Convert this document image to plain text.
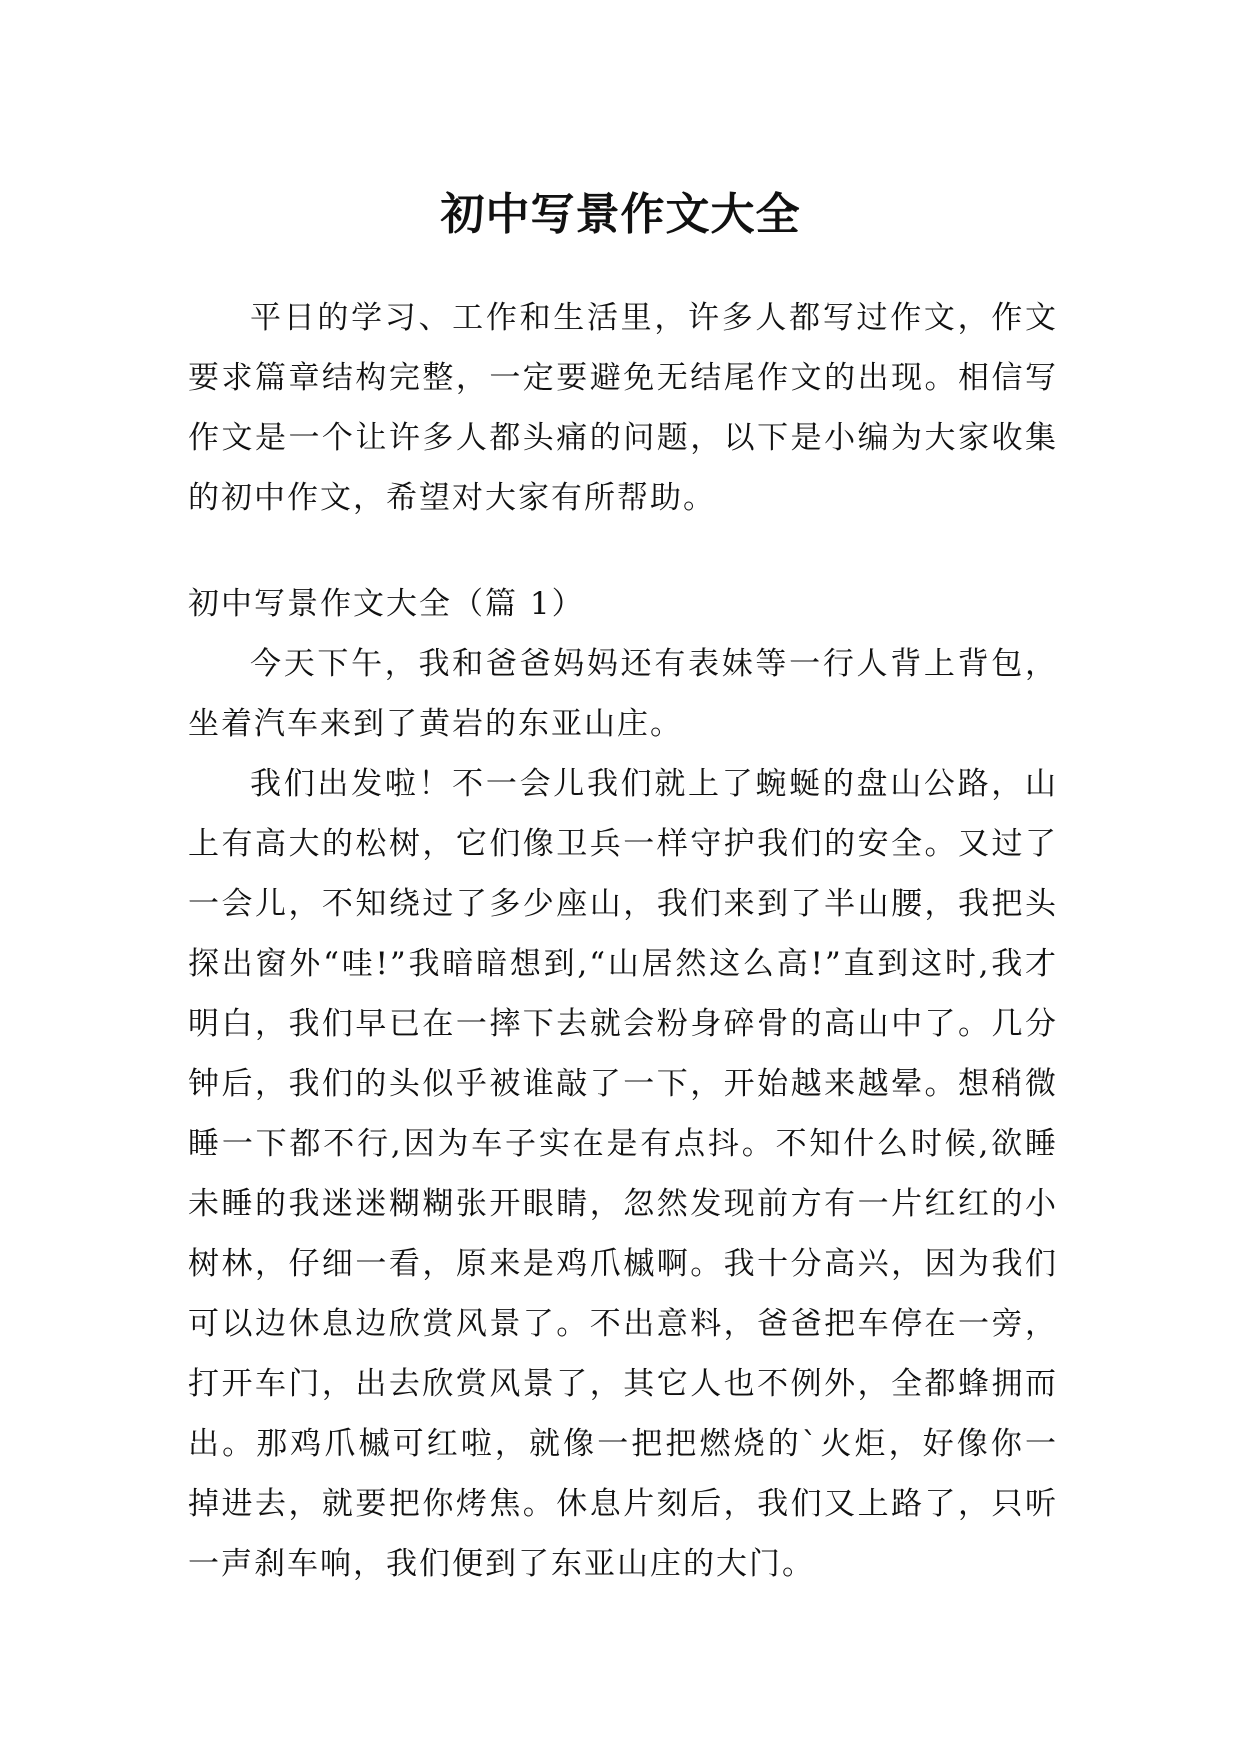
初中写景作文大全

平日的学习、工作和生活里，许多人都写过作文，作文要求篇章结构完整，一定要避免无结尾作文的出现。相信写作文是一个让许多人都头痛的问题，以下是小编为大家收集的初中作文，希望对大家有所帮助。

初中写景作文大全（篇 1）

今天下午，我和爸爸妈妈还有表妹等一行人背上背包，坐着汽车来到了黄岩的东亚山庄。

我们出发啦！不一会儿我们就上了蜿蜒的盘山公路，山上有高大的松树，它们像卫兵一样守护我们的安全。又过了一会儿，不知绕过了多少座山，我们来到了半山腰，我把头探出窗外“哇!”我暗暗想到,“山居然这么高!”直到这时,我才明白，我们早已在一摔下去就会粉身碎骨的高山中了。几分钟后，我们的头似乎被谁敲了一下，开始越来越晕。想稍微睡一下都不行,因为车子实在是有点抖。不知什么时候,欲睡未睡的我迷迷糊糊张开眼睛，忽然发现前方有一片红红的小树林，仔细一看，原来是鸡爪槭啊。我十分高兴，因为我们可以边休息边欣赏风景了。不出意料，爸爸把车停在一旁，打开车门，出去欣赏风景了，其它人也不例外，全都蜂拥而出。那鸡爪槭可红啦，就像一把把燃烧的`火炬，好像你一掉进去，就要把你烤焦。休息片刻后，我们又上路了，只听一声刹车响，我们便到了东亚山庄的大门。
